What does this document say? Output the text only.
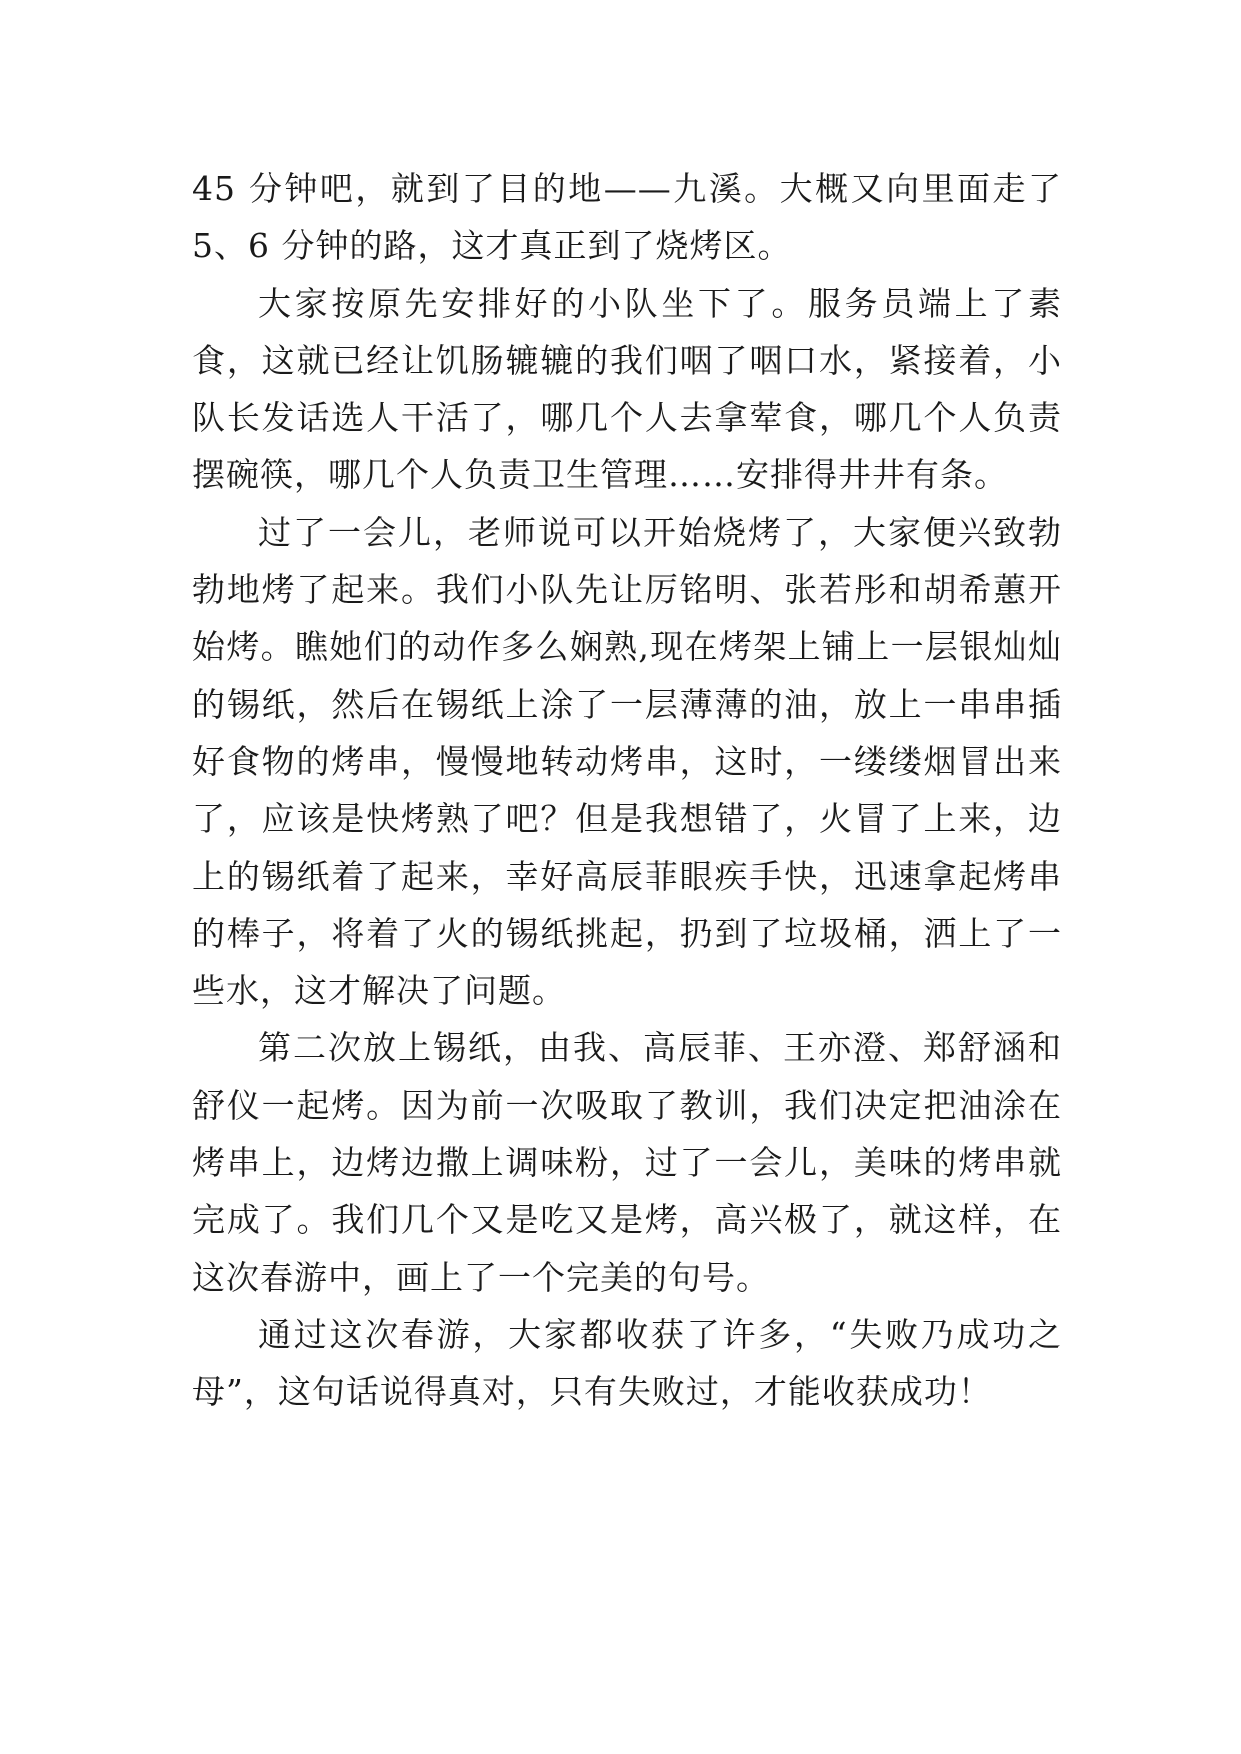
45 分钟吧，就到了目的地——九溪。大概又向里面走了 5、6 分钟的路，这才真正到了烧烤区。

大家按原先安排好的小队坐下了。服务员端上了素食，这就已经让饥肠辘辘的我们咽了咽口水，紧接着，小队长发话选人干活了，哪几个人去拿荤食，哪几个人负责摆碗筷，哪几个人负责卫生管理……安排得井井有条。

过了一会儿，老师说可以开始烧烤了，大家便兴致勃勃地烤了起来。我们小队先让厉铭明、张若彤和胡希蕙开始烤。瞧她们的动作多么娴熟,现在烤架上铺上一层银灿灿的锡纸，然后在锡纸上涂了一层薄薄的油，放上一串串插好食物的烤串，慢慢地转动烤串，这时，一缕缕烟冒出来了，应该是快烤熟了吧？但是我想错了，火冒了上来，边上的锡纸着了起来，幸好高辰菲眼疾手快，迅速拿起烤串的棒子，将着了火的锡纸挑起，扔到了垃圾桶，洒上了一些水，这才解决了问题。

第二次放上锡纸，由我、高辰菲、王亦澄、郑舒涵和舒仪一起烤。因为前一次吸取了教训，我们决定把油涂在烤串上，边烤边撒上调味粉，过了一会儿，美味的烤串就完成了。我们几个又是吃又是烤，高兴极了，就这样，在这次春游中，画上了一个完美的句号。

通过这次春游，大家都收获了许多，“失败乃成功之母”，这句话说得真对，只有失败过，才能收获成功！
